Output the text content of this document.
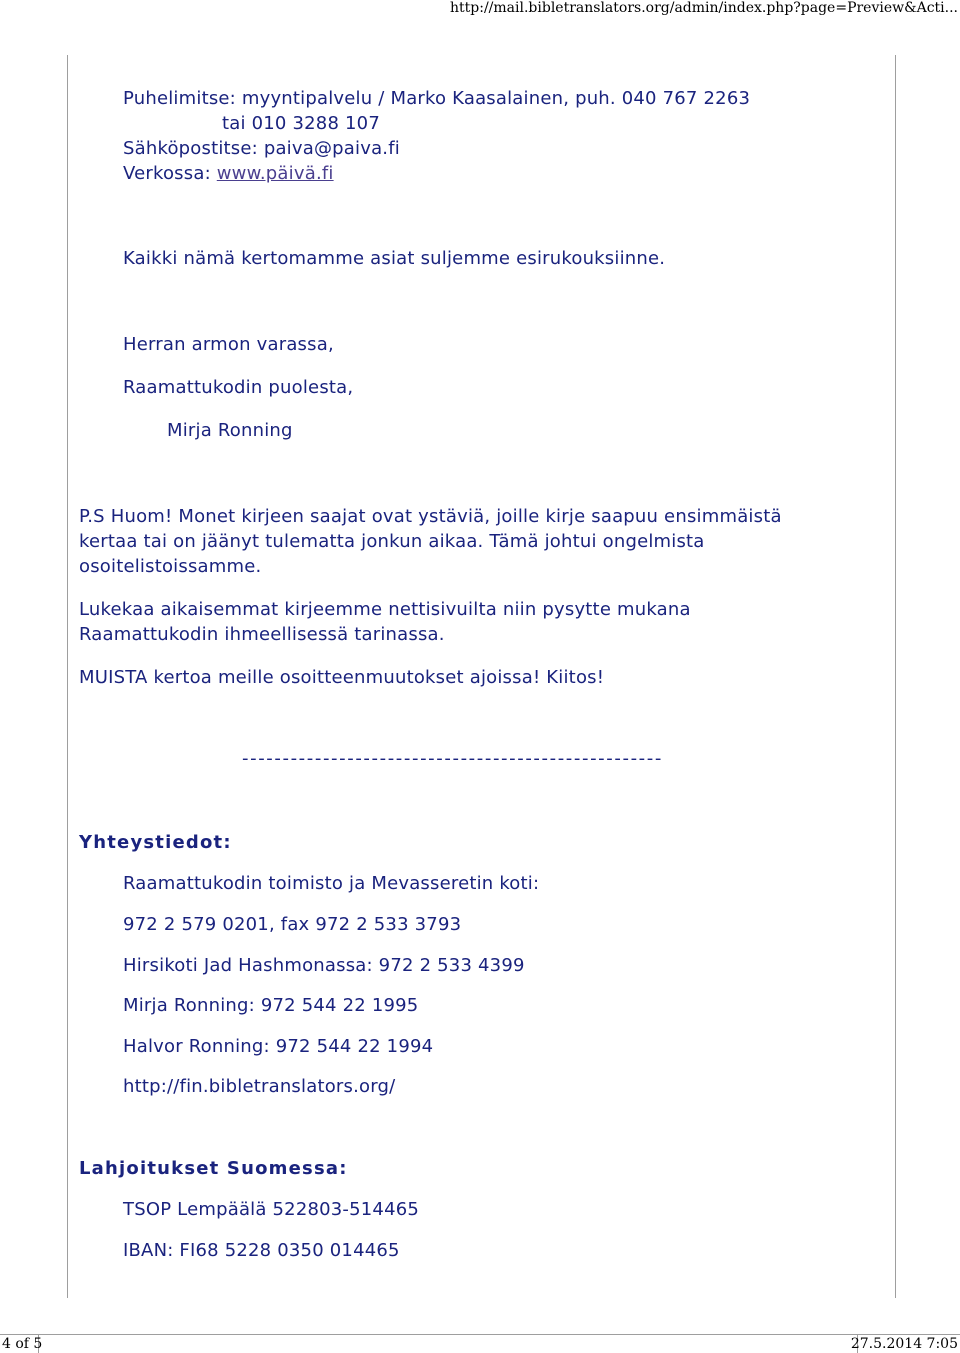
http://mail.bibletranslators.org/admin/index.php?page=Preview&Acti...
Puhelimitse: myyntipalvelu / Marko Kaasalainen, puh. 040 767 2263
tai 010 3288 107
Sähköpostitse: paiva@paiva.fi
Verkossa: www.päivä.fi
Kaikki nämä kertomamme asiat suljemme esirukouksiinne.
Herran armon varassa,
Raamattukodin puolesta,
Mirja Ronning
P.S Huom! Monet kirjeen saajat ovat ystäviä, joille kirje saapuu ensimmäistä
kertaa tai on jäänyt tulematta jonkun aikaa. Tämä johtui ongelmista
osoitelistoissamme.
Lukekaa aikaisemmat kirjeemme nettisivuilta niin pysytte mukana
Raamattukodin ihmeellisessä tarinassa.
MUISTA kertoa meille osoitteenmuutokset ajoissa! Kiitos!
----------------------------------------------------
Yhteystiedot:
Raamattukodin toimisto ja Mevasseretin koti:
972 2 579 0201, fax 972 2 533 3793
Hirsikoti Jad Hashmonassa: 972 2 533 4399
Mirja Ronning: 972 544 22 1995
Halvor Ronning: 972 544 22 1994
http://fin.bibletranslators.org/
Lahjoitukset Suomessa:
TSOP Lempäälä 522803-514465
IBAN: FI68 5228 0350 014465
4 of 5	27.5.2014 7:05
